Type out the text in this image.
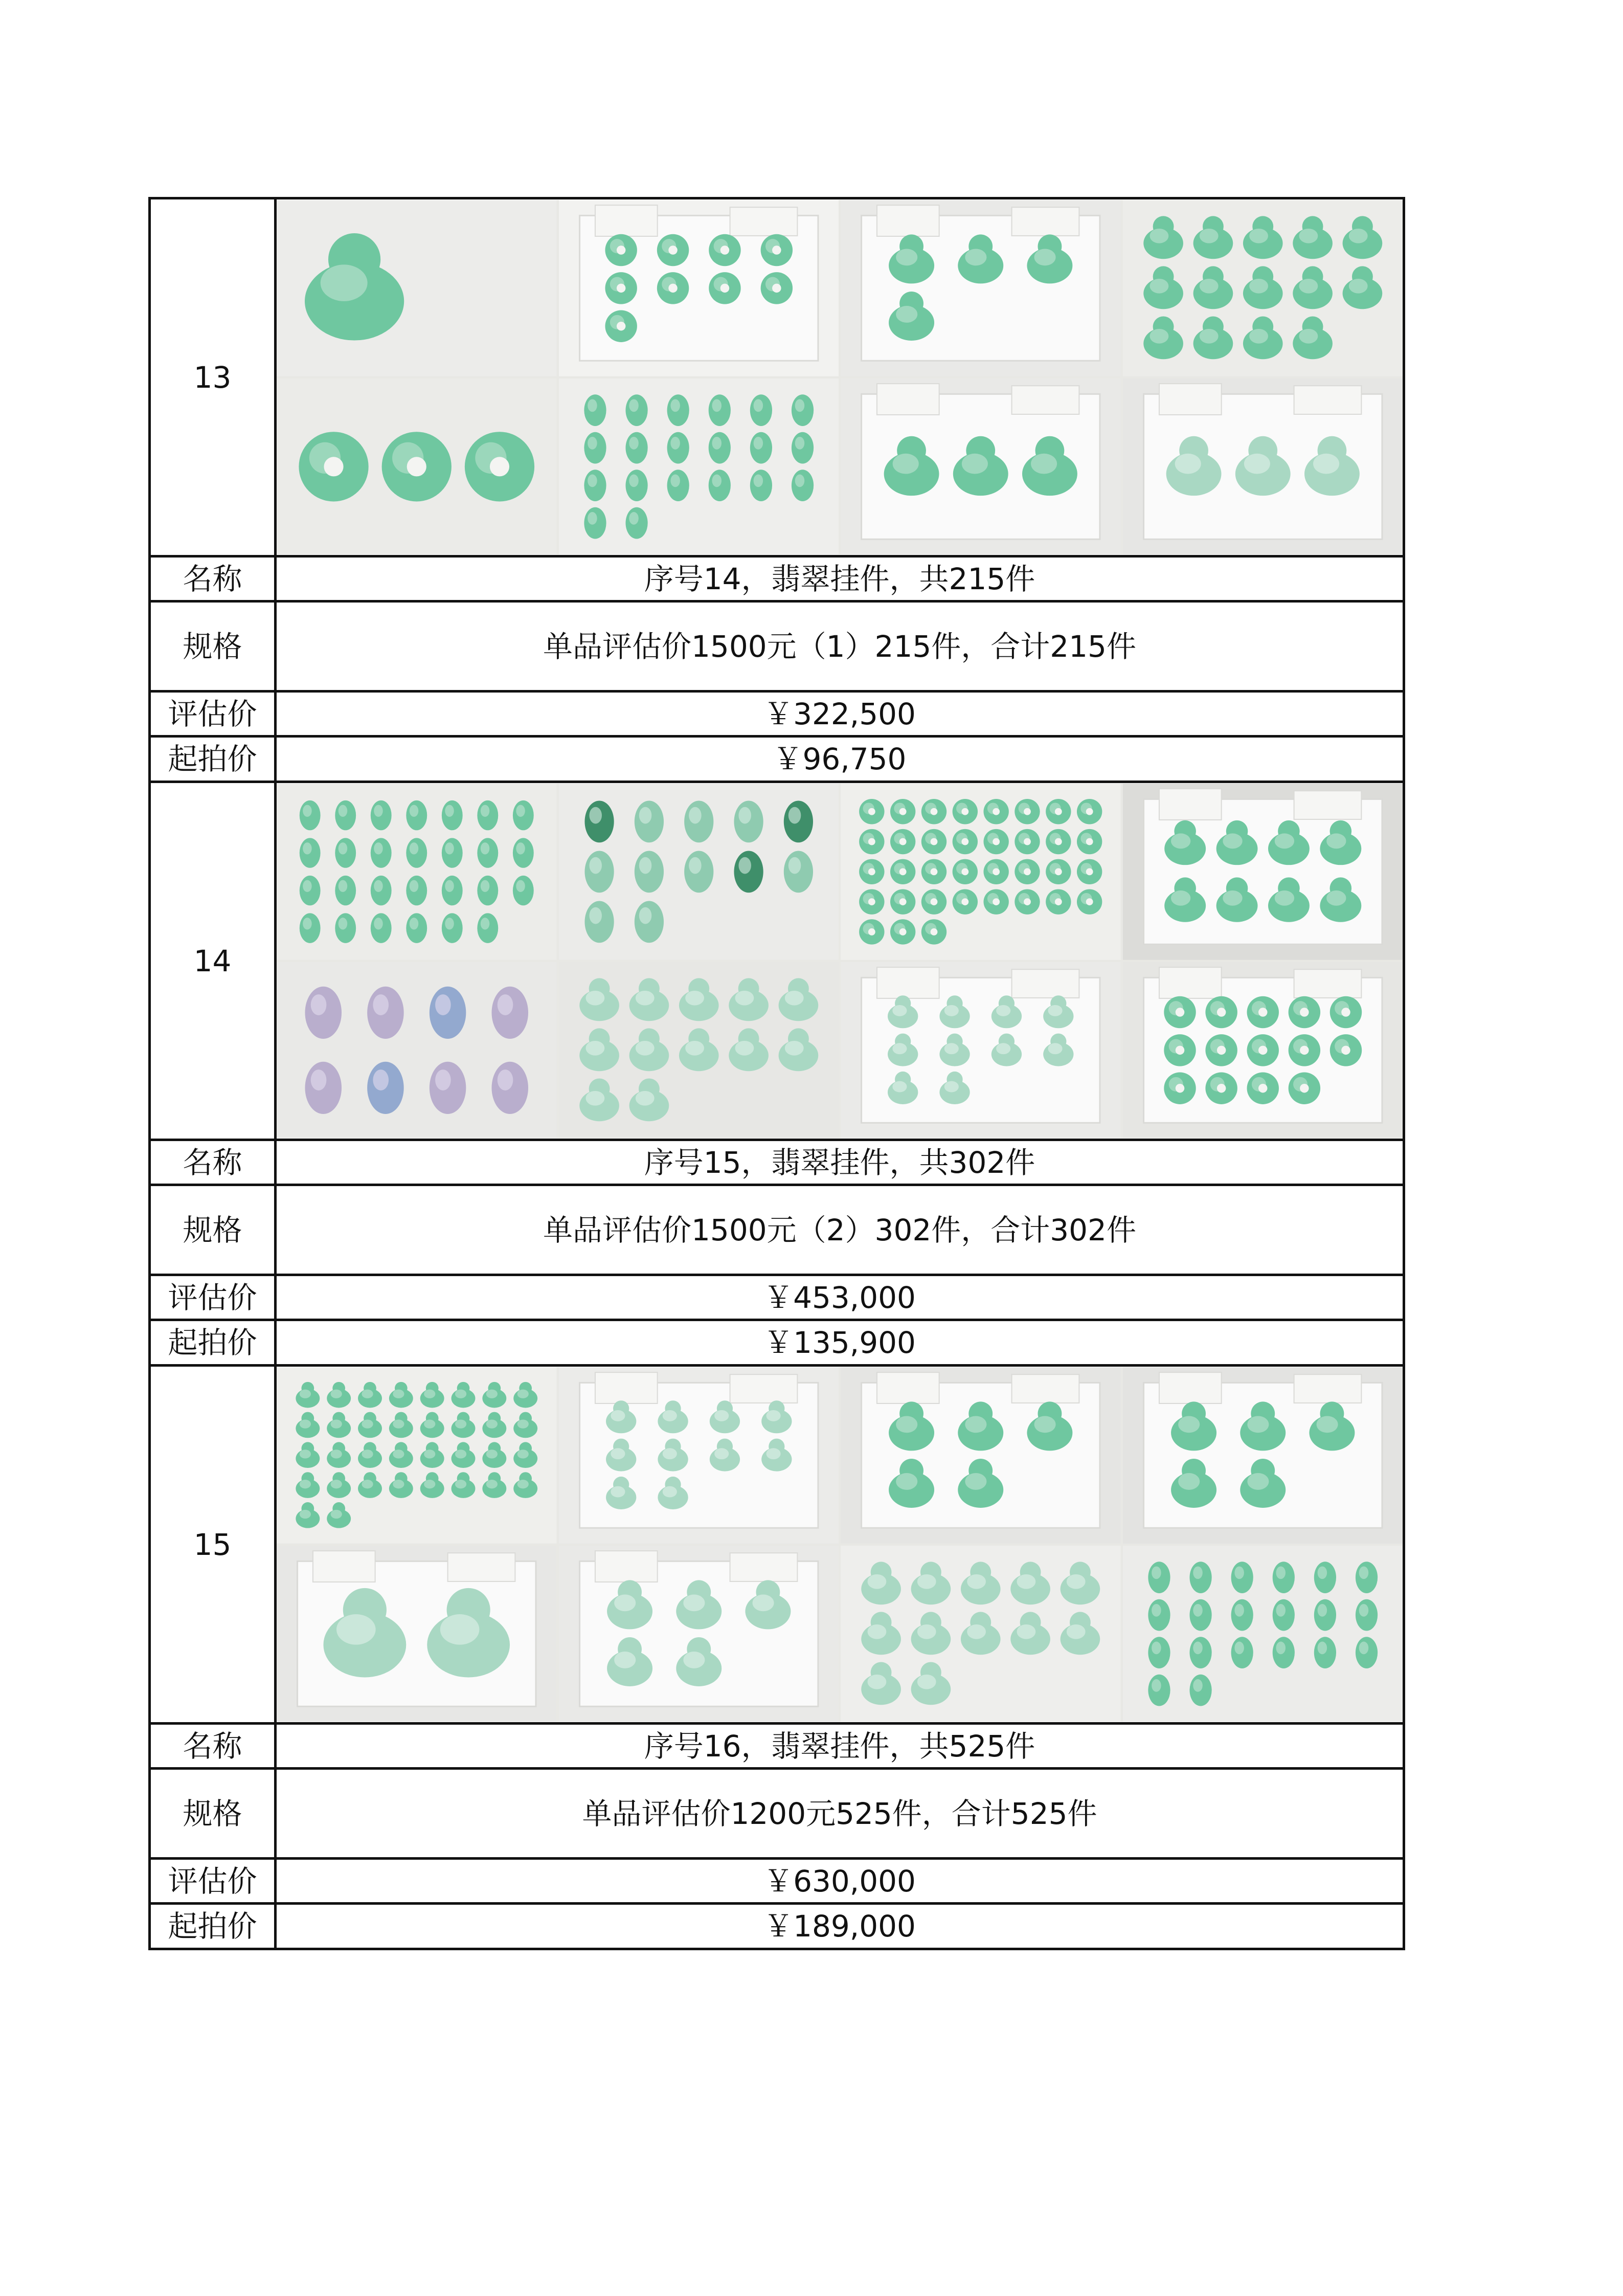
13	

名称	序号14，翡翠挂件，共215件
规格	单品评估价1500元（1）215件，合计215件
评估价	￥322,500
起拍价	￥96,750
14	

名称	序号15，翡翠挂件，共302件
规格	单品评估价1500元（2）302件，合计302件
评估价	￥453,000
起拍价	￥135,900
15	

名称	序号16，翡翠挂件，共525件
规格	单品评估价1200元525件，合计525件
评估价	￥630,000
起拍价	￥189,000
